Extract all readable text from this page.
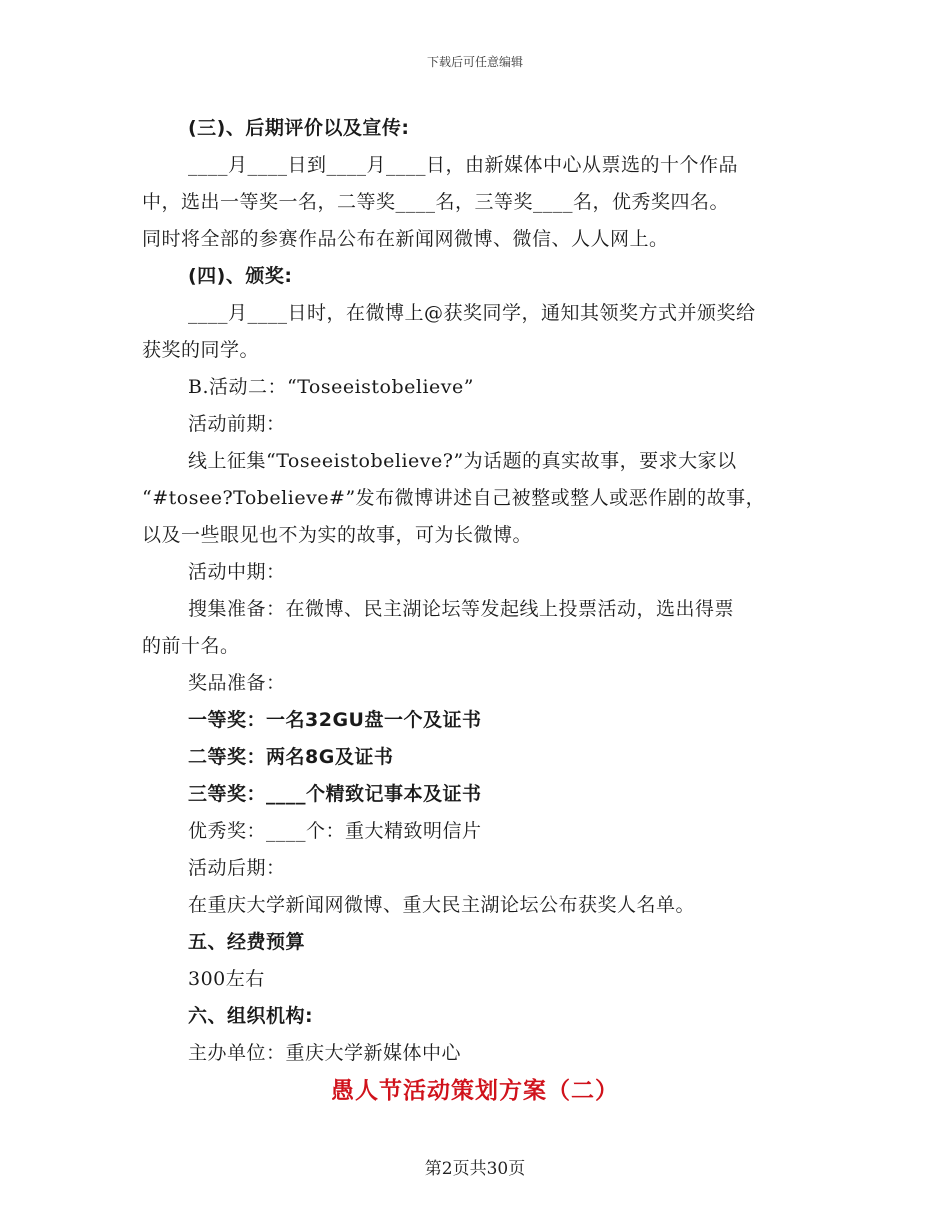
下载后可任意编辑
(三)、后期评价以及宣传:
____月____日到____月____日，由新媒体中心从票选的十个作品
中，选出一等奖一名，二等奖____名，三等奖____名，优秀奖四名。
同时将全部的参赛作品公布在新闻网微博、微信、人人网上。
(四)、颁奖:
____月____日时，在微博上@获奖同学，通知其领奖方式并颁奖给
获奖的同学。
B.活动二：“Toseeistobelieve”
活动前期：
线上征集“Toseeistobelieve?”为话题的真实故事，要求大家以
“#tosee?Tobelieve#”发布微博讲述自己被整或整人或恶作剧的故事，
以及一些眼见也不为实的故事，可为长微博。
活动中期：
搜集准备：在微博、民主湖论坛等发起线上投票活动，选出得票
的前十名。
奖品准备：
一等奖：一名32GU盘一个及证书
二等奖：两名8G及证书
三等奖：____个精致记事本及证书
优秀奖：____个：重大精致明信片
活动后期：
在重庆大学新闻网微博、重大民主湖论坛公布获奖人名单。
五、经费预算
300左右
六、组织机构:
主办单位：重庆大学新媒体中心
愚人节活动策划方案（二）
第2页共30页
